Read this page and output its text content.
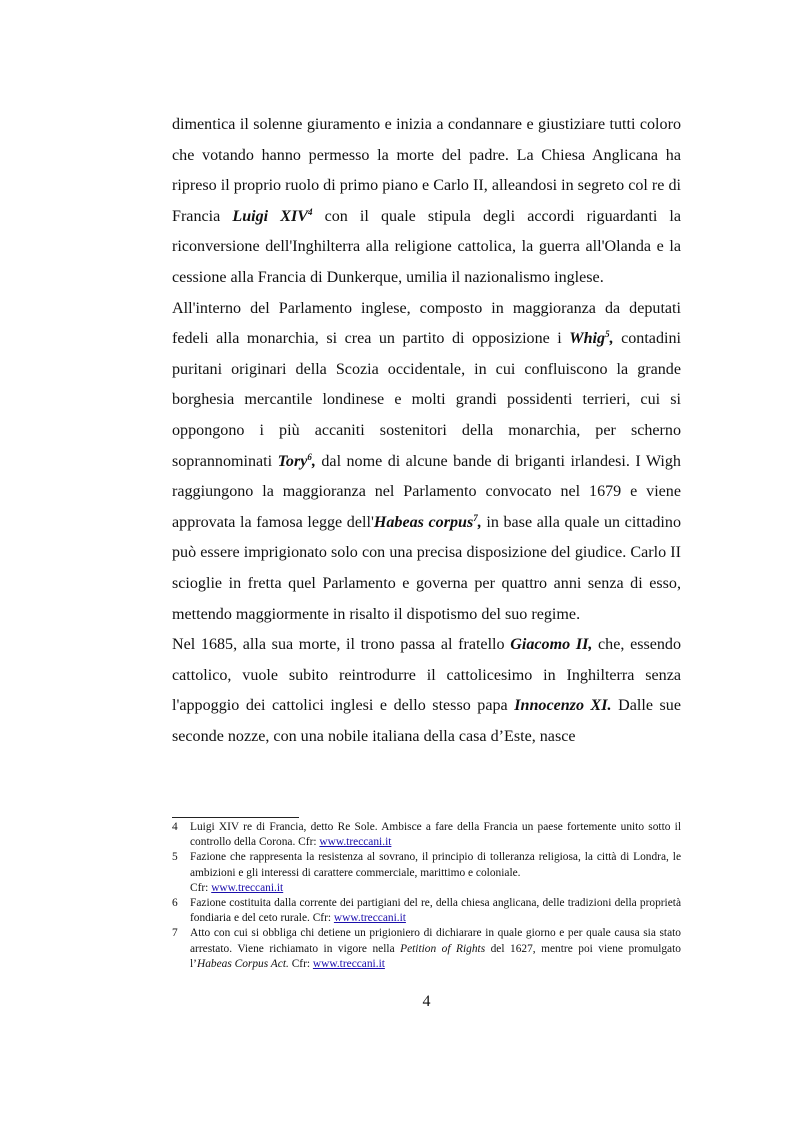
dimentica il solenne giuramento e inizia a condannare e giustiziare tutti coloro che votando hanno permesso la morte del padre. La Chiesa Anglicana ha ripreso il proprio ruolo di primo piano e Carlo II, alleandosi in segreto col re di Francia Luigi XIV$^4$ con il quale stipula degli accordi riguardanti la riconversione dell'Inghilterra alla religione cattolica, la guerra all'Olanda e la cessione alla Francia di Dunkerque, umilia il nazionalismo inglese.

All'interno del Parlamento inglese, composto in maggioranza da deputati fedeli alla monarchia, si crea un partito di opposizione i Whig$^5$, contadini puritani originari della Scozia occidentale, in cui confluiscono la grande borghesia mercantile londinese e molti grandi possidenti terrieri, cui si oppongono i più accaniti sostenitori della monarchia, per scherno soprannominati Tory$^6$, dal nome di alcune bande di briganti irlandesi. I Wigh raggiungono la maggioranza nel Parlamento convocato nel 1679 e viene approvata la famosa legge dell'Habeas corpus$^7$, in base alla quale un cittadino può essere imprigionato solo con una precisa disposizione del giudice. Carlo II scioglie in fretta quel Parlamento e governa per quattro anni senza di esso, mettendo maggiormente in risalto il dispotismo del suo regime.

Nel 1685, alla sua morte, il trono passa al fratello Giacomo II, che, essendo cattolico, vuole subito reintrodurre il cattolicesimo in Inghilterra senza l'appoggio dei cattolici inglesi e dello stesso papa Innocenzo XI. Dalle sue seconde nozze, con una nobile italiana della casa d’Este, nasce

4 Luigi XIV re di Francia, detto Re Sole. Ambisce a fare della Francia un paese fortemente unito sotto il controllo della Corona. Cfr: www.treccani.it
5 Fazione che rappresenta la resistenza al sovrano, il principio di tolleranza religiosa, la città di Londra, le ambizioni e gli interessi di carattere commerciale, marittimo e coloniale.
Cfr: www.treccani.it
6 Fazione costituita dalla corrente dei partigiani del re, della chiesa anglicana, delle tradizioni della proprietà fondiaria e del ceto rurale. Cfr: www.treccani.it
7 Atto con cui si obbliga chi detiene un prigioniero di dichiarare in quale giorno e per quale causa sia stato arrestato. Viene richiamato in vigore nella Petition of Rights del 1627, mentre poi viene promulgato l’Habeas Corpus Act. Cfr: www.treccani.it
4
